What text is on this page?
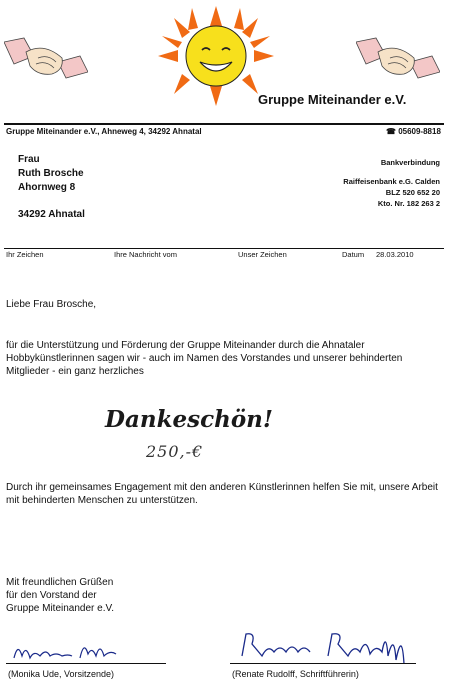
Gruppe Miteinander e.V.
Gruppe Miteinander e.V., Ahneweg 4, 34292 Ahnatal	☎ 05609-8818
Frau
Ruth Brosche
Ahornweg 8
34292 Ahnatal
Bankverbindung
Raiffeisenbank e.G. Calden
BLZ 520 652 20
Kto. Nr. 182 263 2
Ihr Zeichen	Ihre Nachricht vom	Unser Zeichen	Datum 28.03.2010
Liebe Frau Brosche,
für die Unterstützung und Förderung der Gruppe Miteinander durch die Ahnataler Hobbykünstlerinnen sagen wir - auch im Namen des Vorstandes und unserer behinderten Mitglieder - ein ganz herzliches
Dankeschön!
250,-€
Durch ihr gemeinsames Engagement mit den anderen Künstlerinnen helfen Sie mit, unsere Arbeit mit behinderten Menschen zu unterstützen.
Mit freundlichen Grüßen
für den Vorstand der
Gruppe Miteinander e.V.
(Monika Ude, Vorsitzende)	(Renate Rudolff, Schriftführerin)
